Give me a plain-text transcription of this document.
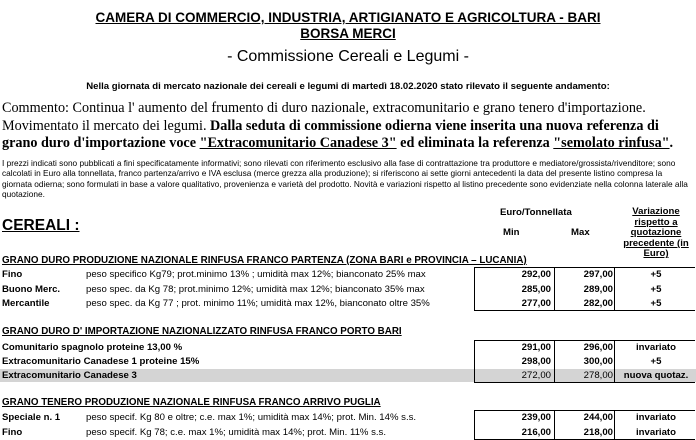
CAMERA DI COMMERCIO, INDUSTRIA, ARTIGIANATO E AGRICOLTURA - BARI
BORSA MERCI
- Commissione Cereali e Legumi -
Nella giornata di mercato nazionale dei cereali e legumi di martedì 18.02.2020 stato rilevato il seguente andamento:
Commento: Continua l' aumento del frumento di duro nazionale, extracomunitario e grano tenero d'importazione.
Movimentato il mercato dei legumi. Dalla seduta di commissione odierna viene inserita una nuova referenza di
grano duro d'importazione voce "Extracomunitario Canadese 3" ed eliminata la referenza "semolato rinfusa".
I prezzi indicati sono pubblicati a fini specificatamente informativi; sono rilevati con riferimento esclusivo alla fase di contrattazione tra produttore e mediatore/grossista/rivenditore; sono calcolati in Euro alla tonnellata, franco partenza/arrivo e IVA esclusa (merce grezza alla produzione); si riferiscono ai sette giorni antecedenti la data del presente listino compresa la giornata odierna; sono formulati in base a valore qualitativo, provenienza e varietà del prodotto. Novità e variazioni rispetto al listino precedente sono evidenziate nella colonna laterale alla quotazione.
Euro/Tonnellata
Min	Max
Variazione
rispetto a
quotazione
precedente (in
Euro)
CEREALI :
GRANO DURO PRODUZIONE NAZIONALE RINFUSA FRANCO PARTENZA (ZONA BARI e PROVINCIA – LUCANIA)
Fino	peso specifico Kg79; prot.minimo 13% ; umidità max 12%; bianconato 25% max	292,00	297,00	+5
Buono Merc.	peso spec. da Kg 78; prot.minimo 12%; umidità max 12%; bianconato 35% max	285,00	289,00	+5
Mercantile	peso spec. da Kg 77 ; prot. minimo 11%; umidità max 12%, bianconato oltre 35%	277,00	282,00	+5
GRANO DURO D' IMPORTAZIONE NAZIONALIZZATO RINFUSA FRANCO PORTO BARI
Comunitario spagnolo proteine 13,00 %	291,00	296,00	invariato
Extracomunitario Canadese 1 proteine 15%	298,00	300,00	+5
Extracomunitario Canadese 3	272,00	278,00	nuova quotaz.
GRANO TENERO PRODUZIONE NAZIONALE RINFUSA FRANCO ARRIVO PUGLIA
Speciale n. 1	peso specif. Kg 80 e oltre; c.e. max 1%; umidità max 14%; prot. Min. 14% s.s.	239,00	244,00	invariato
Fino	peso specif. Kg 78; c.e. max 1%; umidità max 14%; prot. Min. 11% s.s.	216,00	218,00	invariato
